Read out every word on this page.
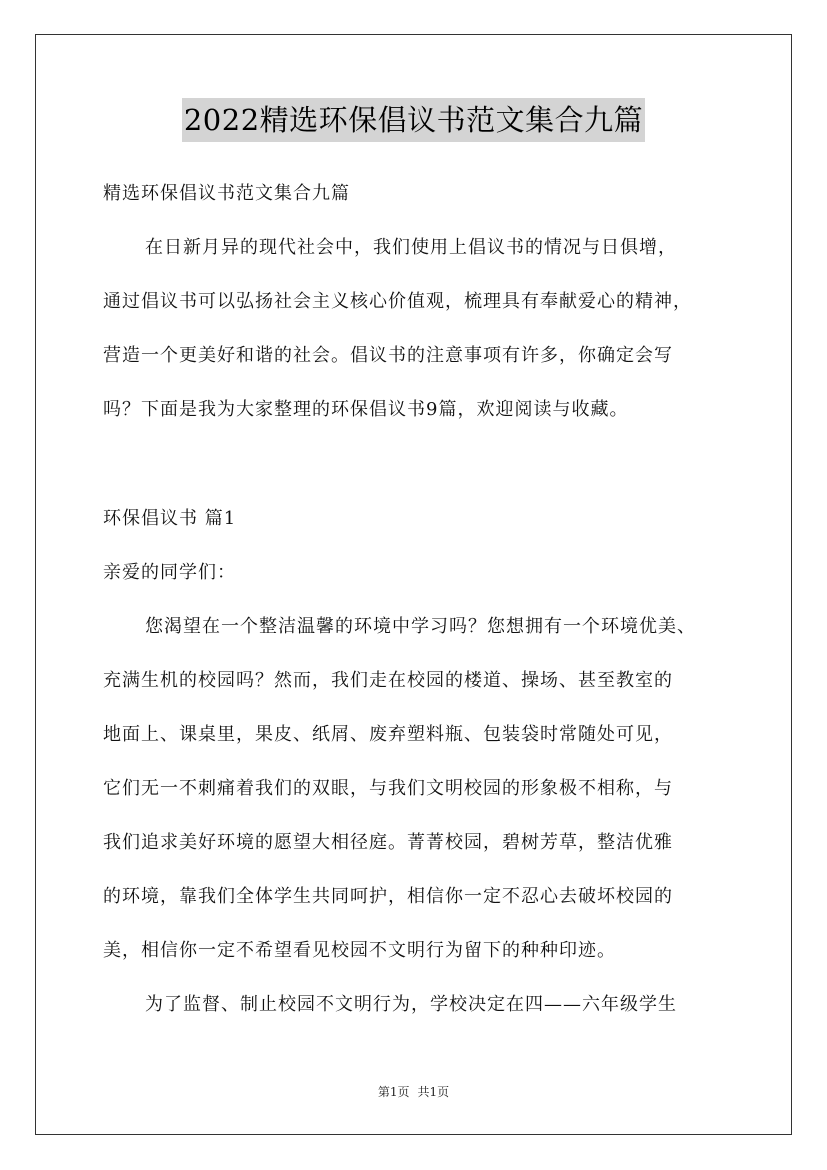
2022精选环保倡议书范文集合九篇
精选环保倡议书范文集合九篇
在日新月异的现代社会中，我们使用上倡议书的情况与日俱增，
通过倡议书可以弘扬社会主义核心价值观，梳理具有奉献爱心的精神，
营造一个更美好和谐的社会。倡议书的注意事项有许多，你确定会写
吗？下面是我为大家整理的环保倡议书9篇，欢迎阅读与收藏。
环保倡议书 篇1
亲爱的同学们：
您渴望在一个整洁温馨的环境中学习吗？您想拥有一个环境优美、
充满生机的校园吗？然而，我们走在校园的楼道、操场、甚至教室的
地面上、课桌里，果皮、纸屑、废弃塑料瓶、包装袋时常随处可见，
它们无一不刺痛着我们的双眼，与我们文明校园的形象极不相称，与
我们追求美好环境的愿望大相径庭。菁菁校园，碧树芳草，整洁优雅
的环境，靠我们全体学生共同呵护，相信你一定不忍心去破坏校园的
美，相信你一定不希望看见校园不文明行为留下的种种印迹。
为了监督、制止校园不文明行为，学校决定在四——六年级学生
第1页 共1页
